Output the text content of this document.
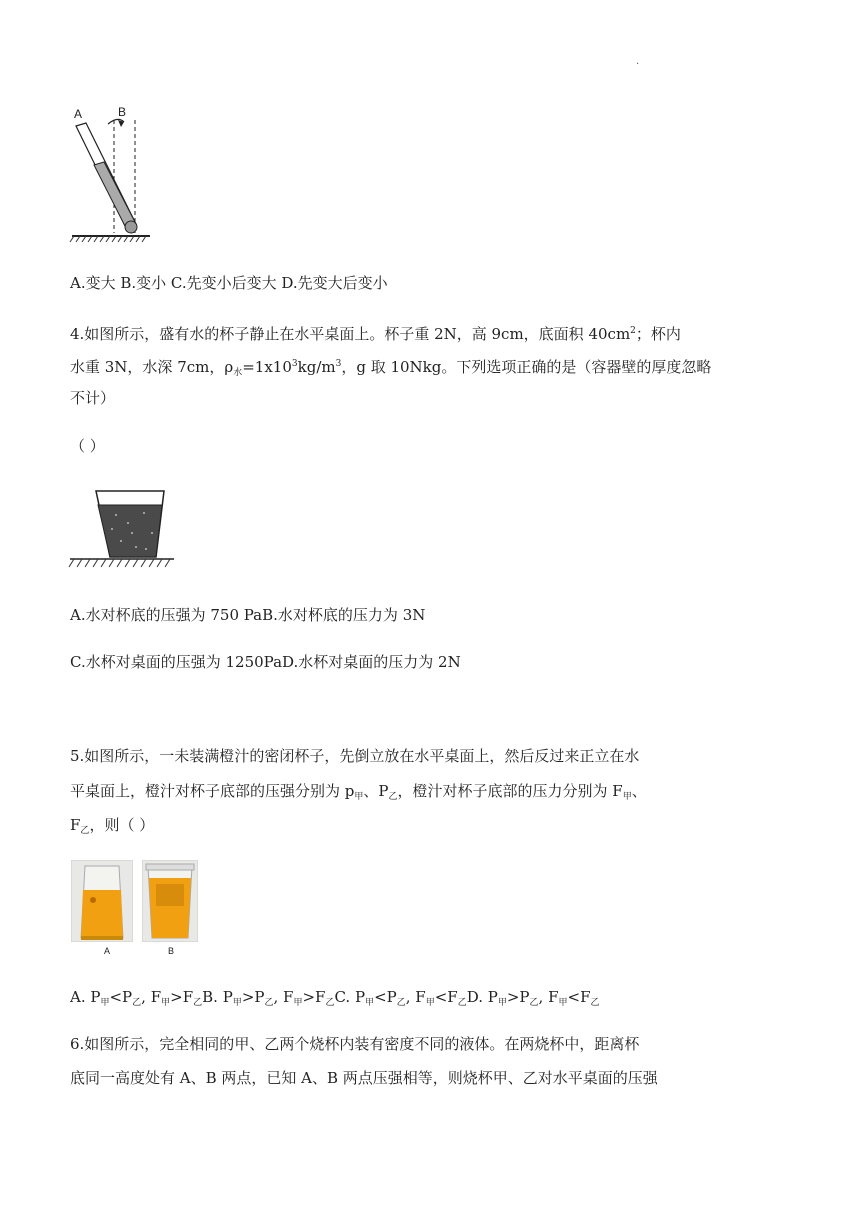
.
A	B
A.变大 B.变小 C.先变小后变大 D.先变大后变小
4.如图所示，盛有水的杯子静止在水平桌面上。杯子重 2N，高 9cm，底面积 $40cm^2$；杯内
水重 3N，水深 7cm，$\rho_水=1x10^3kg/m^3$，g 取 10Nkg。下列选项正确的是（容器壁的厚度忽略
不计）
（ ）
A.水对杯底的压强为 750 PaB.水对杯底的压力为 3N
C.水杯对桌面的压强为 1250PaD.水杯对桌面的压力为 2N
5.如图所示，一未装满橙汁的密闭杯子，先倒立放在水平桌面上，然后反过来正立在水
平桌面上，橙汁对杯子底部的压强分别为 $p_甲$、$P_乙$，橙汁对杯子底部的压力分别为 $F_甲$、
$F_乙$，则（ ）
A	B
A. $P_甲<P_乙$, $F_甲>F_乙B$. $P_甲>P_乙$, $F_甲>F_乙C$. $P_甲<P_乙$, $F_甲<F_乙D$. $P_甲>P_乙$, $F_甲<F_乙$
6.如图所示，完全相同的甲、乙两个烧杯内装有密度不同的液体。在两烧杯中，距离杯
底同一高度处有 A、B 两点，已知 A、B 两点压强相等，则烧杯甲、乙对水平桌面的压强
